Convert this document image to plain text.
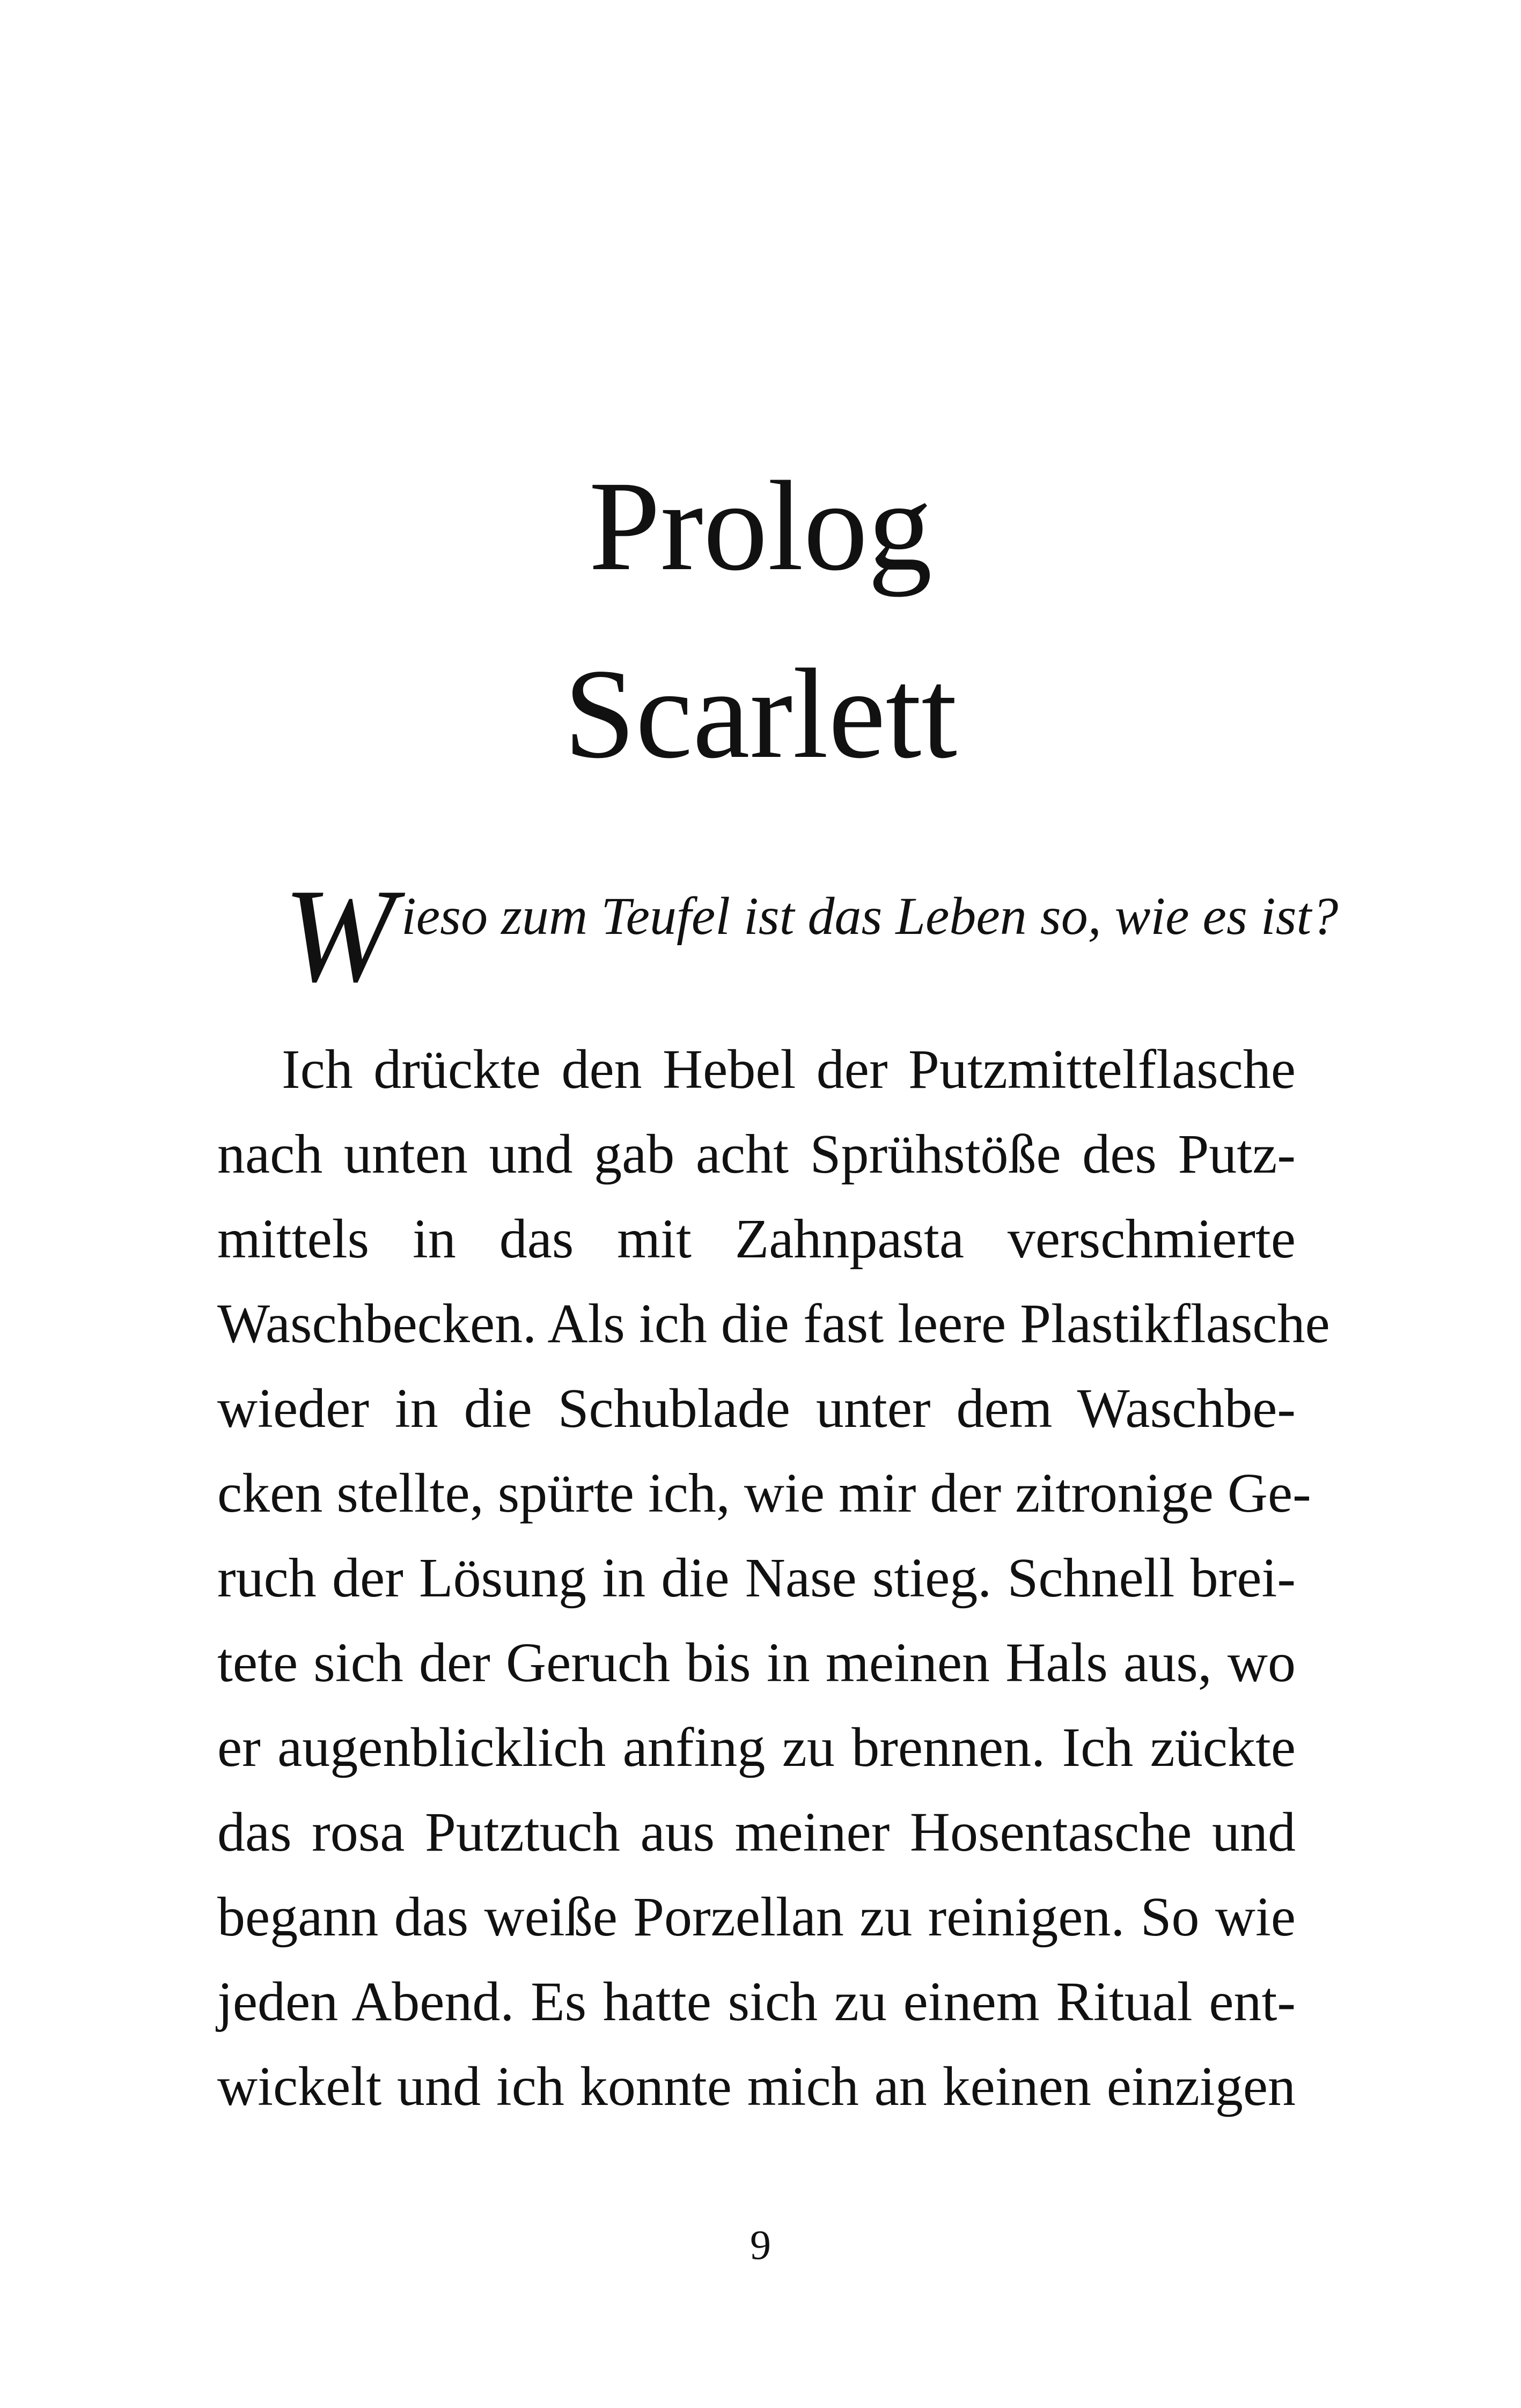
Prolog
Scarlett
W ieso zum Teufel ist das Leben so, wie es ist?
Ich drückte den Hebel der Putzmittelflasche
nach unten und gab acht Sprühstöße des Putz-
mittels in das mit Zahnpasta verschmierte
Waschbecken. Als ich die fast leere Plastikflasche
wieder in die Schublade unter dem Waschbe-
cken stellte, spürte ich, wie mir der zitronige Ge-
ruch der Lösung in die Nase stieg. Schnell brei-
tete sich der Geruch bis in meinen Hals aus, wo
er augenblicklich anfing zu brennen. Ich zückte
das rosa Putztuch aus meiner Hosentasche und
begann das weiße Porzellan zu reinigen. So wie
jeden Abend. Es hatte sich zu einem Ritual ent-
wickelt und ich konnte mich an keinen einzigen
9
